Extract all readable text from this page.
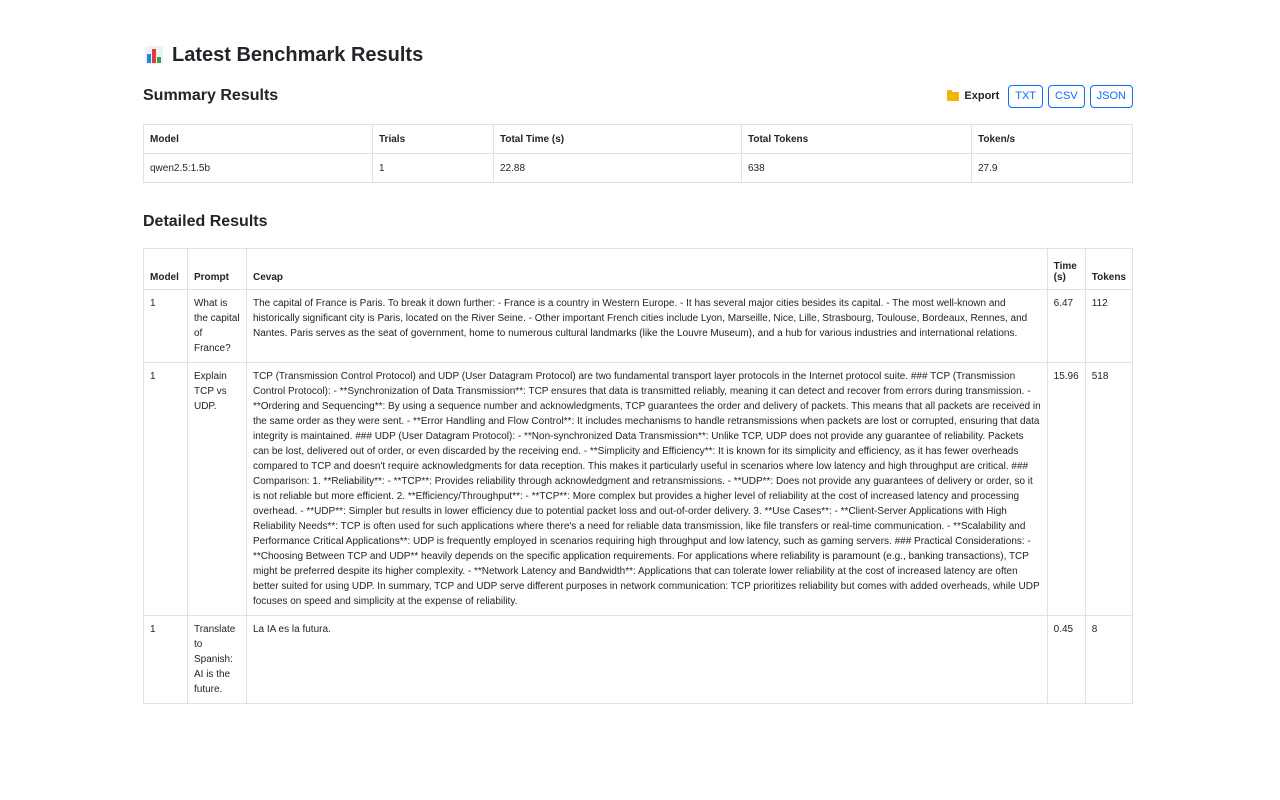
Latest Benchmark Results
Summary Results	Export	TXT	CSV	JSON
Model	Trials	Total Time (s)	Total Tokens	Token/s
qwen2.5:1.5b	1	22.88	638	27.9
Detailed Results
Model	Prompt	Cevap	Time (s)	Tokens
1	What is the capital of France?	The capital of France is Paris. To break it down further: - France is a country in Western Europe. - It has several major cities besides its capital. - The most well-known and historically significant city is Paris, located on the River Seine. - Other important French cities include Lyon, Marseille, Nice, Lille, Strasbourg, Toulouse, Bordeaux, Rennes, and Nantes. Paris serves as the seat of government, home to numerous cultural landmarks (like the Louvre Museum), and a hub for various industries and international relations.	6.47	112
1	Explain TCP vs UDP.	TCP (Transmission Control Protocol) and UDP (User Datagram Protocol) are two fundamental transport layer protocols in the Internet protocol suite. ### TCP (Transmission Control Protocol): - **Synchronization of Data Transmission**: TCP ensures that data is transmitted reliably, meaning it can detect and recover from errors during transmission. - **Ordering and Sequencing**: By using a sequence number and acknowledgments, TCP guarantees the order and delivery of packets. This means that all packets are received in the same order as they were sent. - **Error Handling and Flow Control**: It includes mechanisms to handle retransmissions when packets are lost or corrupted, ensuring that data integrity is maintained. ### UDP (User Datagram Protocol): - **Non-synchronized Data Transmission**: Unlike TCP, UDP does not provide any guarantee of reliability. Packets can be lost, delivered out of order, or even discarded by the receiving end. - **Simplicity and Efficiency**: It is known for its simplicity and efficiency, as it has fewer overheads compared to TCP and doesn't require acknowledgments for data reception. This makes it particularly useful in scenarios where low latency and high throughput are critical. ### Comparison: 1. **Reliability**: - **TCP**: Provides reliability through acknowledgment and retransmissions. - **UDP**: Does not provide any guarantees of delivery or order, so it is not reliable but more efficient. 2. **Efficiency/Throughput**: - **TCP**: More complex but provides a higher level of reliability at the cost of increased latency and processing overhead. - **UDP**: Simpler but results in lower efficiency due to potential packet loss and out-of-order delivery. 3. **Use Cases**: - **Client-Server Applications with High Reliability Needs**: TCP is often used for such applications where there's a need for reliable data transmission, like file transfers or real-time communication. - **Scalability and Performance Critical Applications**: UDP is frequently employed in scenarios requiring high throughput and low latency, such as gaming servers. ### Practical Considerations: - **Choosing Between TCP and UDP** heavily depends on the specific application requirements. For applications where reliability is paramount (e.g., banking transactions), TCP might be preferred despite its higher complexity. - **Network Latency and Bandwidth**: Applications that can tolerate lower reliability at the cost of increased latency are often better suited for using UDP. In summary, TCP and UDP serve different purposes in network communication: TCP prioritizes reliability but comes with added overheads, while UDP focuses on speed and simplicity at the expense of reliability.	15.96	518
1	Translate to Spanish: AI is the future.	La IA es la futura.	0.45	8
